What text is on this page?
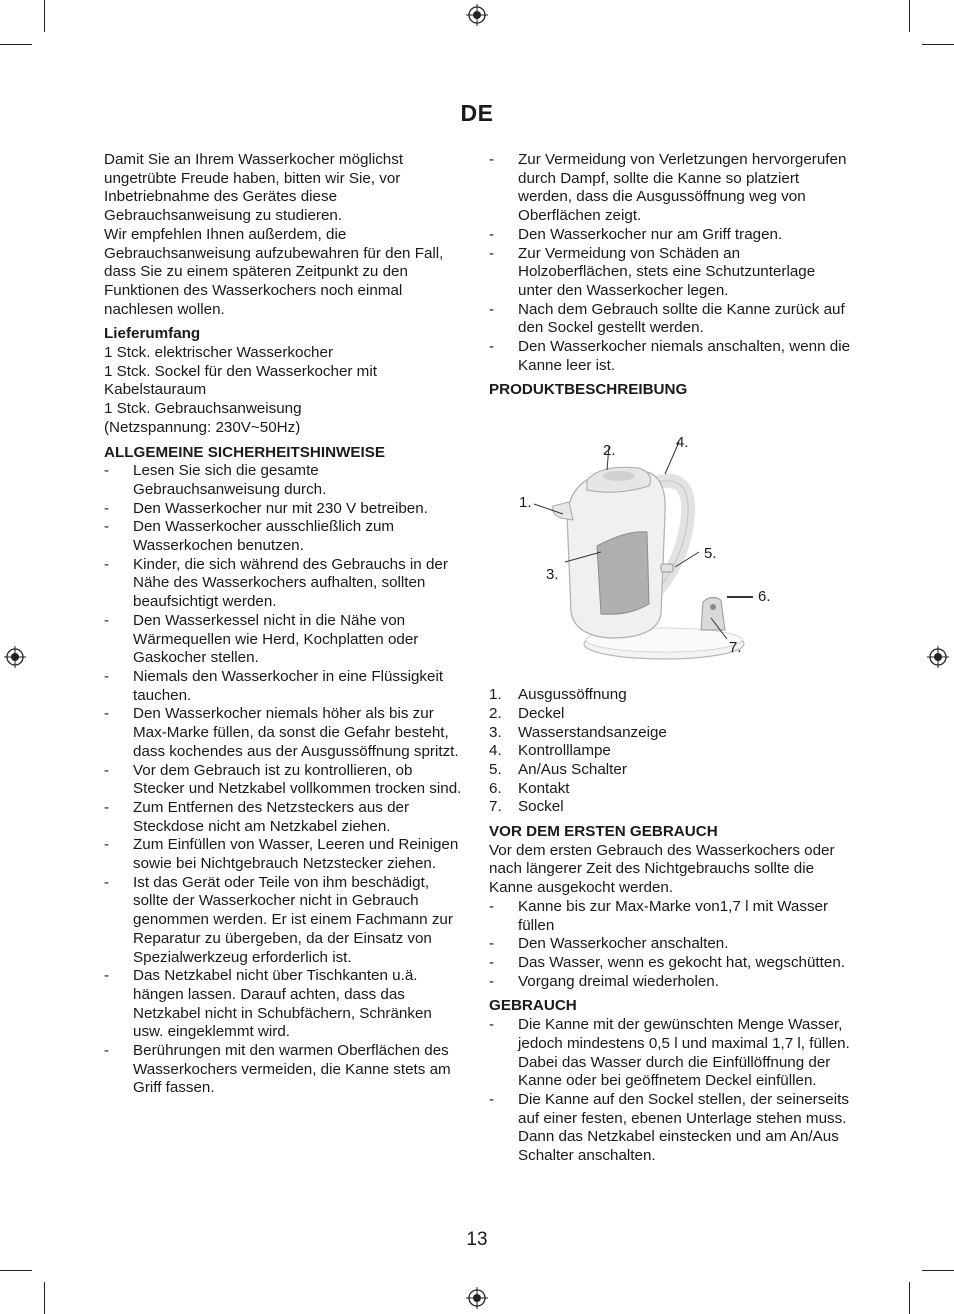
DE

Damit Sie an Ihrem Wasserkocher möglichst ungetrübte Freude haben, bitten wir Sie, vor Inbetriebnahme des Gerätes diese Gebrauchsanweisung zu studieren.

Wir empfehlen Ihnen außerdem, die Gebrauchsanweisung aufzubewahren für den Fall, dass Sie zu einem späteren Zeitpunkt zu den Funktionen des Wasserkochers noch einmal nachlesen wollen.

Lieferumfang

1 Stck. elektrischer Wasserkocher

1 Stck. Sockel für den Wasserkocher mit Kabelstauraum

1 Stck. Gebrauchsanweisung

(Netzspannung: 230V~50Hz)

ALLGEMEINE SICHERHEITSHINWEISE

- Lesen Sie sich die gesamte Gebrauchsanweisung durch.
- Den Wasserkocher nur mit 230 V betreiben.
- Den Wasserkocher ausschließlich zum Wasserkochen benutzen.
- Kinder, die sich während des Gebrauchs in der Nähe des Wasserkochers aufhalten, sollten beaufsichtigt werden.
- Den Wasserkessel nicht in die Nähe von Wärmequellen wie Herd, Kochplatten oder Gaskocher stellen.
- Niemals den Wasserkocher in eine Flüssigkeit tauchen.
- Den Wasserkocher niemals höher als bis zur Max-Marke füllen, da sonst die Gefahr besteht, dass kochendes aus der Ausgussöffnung spritzt.
- Vor dem Gebrauch ist zu kontrollieren, ob Stecker und Netzkabel vollkommen trocken sind.
- Zum Entfernen des Netzsteckers aus der Steckdose nicht am Netzkabel ziehen.
- Zum Einfüllen von Wasser, Leeren und Reinigen sowie bei Nichtgebrauch Netzstecker ziehen.
- Ist das Gerät oder Teile von ihm beschädigt, sollte der Wasserkocher nicht in Gebrauch genommen werden. Er ist einem Fachmann zur Reparatur zu übergeben, da der Einsatz von Spezialwerkzeug erforderlich ist.
- Das Netzkabel nicht über Tischkanten u.ä. hängen lassen. Darauf achten, dass das Netzkabel nicht in Schubfächern, Schränken usw. eingeklemmt wird.
- Berührungen mit den warmen Oberflächen des Wasserkochers vermeiden, die Kanne stets am Griff fassen.
- Zur Vermeidung von Verletzungen hervorgerufen durch Dampf, sollte die Kanne so platziert werden, dass die Ausgussöffnung weg von Oberflächen zeigt.
- Den Wasserkocher nur am Griff tragen.
- Zur Vermeidung von Schäden an Holzoberflächen, stets eine Schutzunterlage unter den Wasserkocher legen.
- Nach dem Gebrauch sollte die Kanne zurück auf den Sockel gestellt werden.
- Den Wasserkocher niemals anschalten, wenn die Kanne leer ist.

PRODUKTBESCHREIBUNG

1.
2.
3.
4.
5.
6.
7.
1. Ausgussöffnung
2. Deckel
3. Wasserstandsanzeige
4. Kontrolllampe
5. An/Aus Schalter
6. Kontakt
7. Sockel

VOR DEM ERSTEN GEBRAUCH

Vor dem ersten Gebrauch des Wasserkochers oder nach längerer Zeit des Nichtgebrauchs sollte die Kanne ausgekocht werden.

- Kanne bis zur Max-Marke von1,7 l mit Wasser füllen
- Den Wasserkocher anschalten.
- Das Wasser, wenn es gekocht hat, wegschütten.
- Vorgang dreimal wiederholen.

GEBRAUCH

- Die Kanne mit der gewünschten Menge Wasser, jedoch mindestens 0,5 l und maximal 1,7 l, füllen. Dabei das Wasser durch die Einfüllöffnung der Kanne oder bei geöffnetem Deckel einfüllen.
- Die Kanne auf den Sockel stellen, der seinerseits auf einer festen, ebenen Unterlage stehen muss. Dann das Netzkabel einstecken und am An/Aus Schalter anschalten.
13
